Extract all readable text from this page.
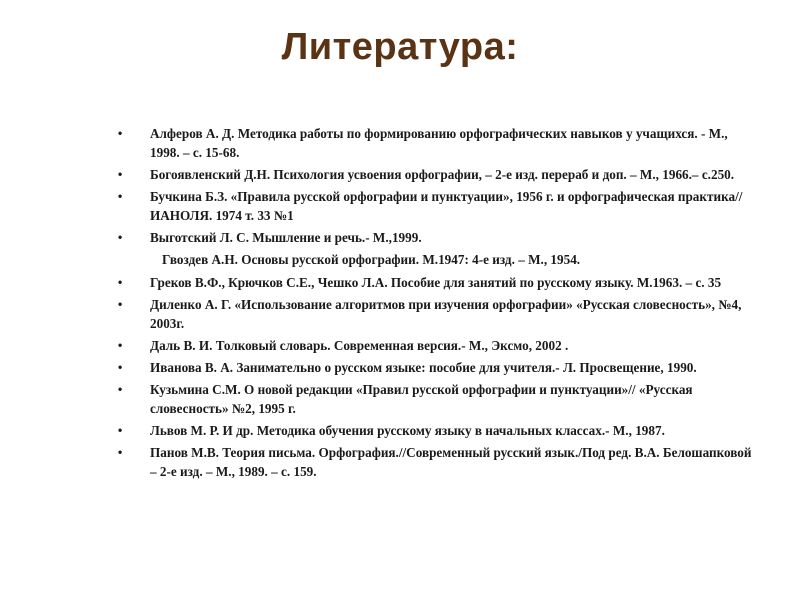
Литература:
• Алферов А. Д. Методика работы по формированию орфографических навыков у учащихся. - М., 1998. – с. 15-68.
• Богоявленский Д.Н. Психология усвоения орфографии, – 2-е изд. перераб и доп. – М., 1966.– с.250.
• Бучкина Б.З. «Правила русской орфографии и пунктуации», 1956 г. и орфографическая практика//ИАНОЛЯ. 1974 т. 33 №1
• Выготский Л. С. Мышление и речь.- М.,1999.
Гвоздев А.Н. Основы русской орфографии. М.1947: 4-е изд. – М., 1954.
• Греков В.Ф., Крючков С.Е., Чешко Л.А. Пособие для занятий по русскому языку. М.1963. – с. 35
• Диленко А. Г. «Использование алгоритмов при изучения орфографии» «Русская словесность», №4, 2003г.
• Даль В. И. Толковый словарь. Современная версия.- М., Эксмо, 2002 .
• Иванова В. А. Занимательно о русском языке: пособие для учителя.- Л. Просвещение, 1990.
• Кузьмина С.М. О новой редакции «Правил русской орфографии и пунктуации»// «Русская словесность» №2, 1995 г.
• Львов М. Р. И др. Методика обучения русскому языку в начальных классах.- М., 1987.
• Панов М.В. Теория письма. Орфография.//Современный русский язык./Под ред. В.А. Белошапковой – 2-е изд. – М., 1989. – с. 159.
